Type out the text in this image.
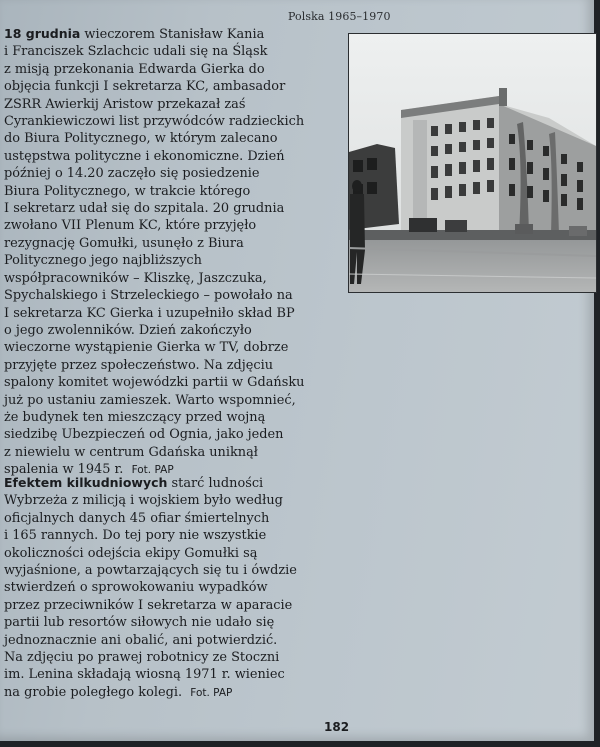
Polska 1965–1970
18 grudnia wieczorem Stanisław Kania
i Franciszek Szlachcic udali się na Śląsk
z misją przekonania Edwarda Gierka do
objęcia funkcji I sekretarza KC, ambasador
ZSRR Awierkij Aristow przekazał zaś
Cyrankiewiczowi list przywódców radzieckich
do Biura Politycznego, w którym zalecano
ustępstwa polityczne i ekonomiczne. Dzień
później o 14.20 zaczęło się posiedzenie
Biura Politycznego, w trakcie którego
I sekretarz udał się do szpitala. 20 grudnia
zwołano VII Plenum KC, które przyjęło
rezygnację Gomułki, usunęło z Biura
Politycznego jego najbliższych
współpracowników – Kliszkę, Jaszczuka,
Spychalskiego i Strzeleckiego – powołało na
I sekretarza KC Gierka i uzupełniło skład BP
o jego zwolenników. Dzień zakończyło
wieczorne wystąpienie Gierka w TV, dobrze
przyjęte przez społeczeństwo. Na zdjęciu
spalony komitet wojewódzki partii w Gdańsku
już po ustaniu zamieszek. Warto wspomnieć,
że budynek ten mieszczący przed wojną
siedzibę Ubezpieczeń od Ognia, jako jeden
z niewielu w centrum Gdańska uniknął
spalenia w 1945 r. Fot. PAP
Efektem kilkudniowych starć ludności
Wybrzeża z milicją i wojskiem było według
oficjalnych danych 45 ofiar śmiertelnych
i 165 rannych. Do tej pory nie wszystkie
okoliczności odejścia ekipy Gomułki są
wyjaśnione, a powtarzających się tu i ówdzie
stwierdzeń o sprowokowaniu wypadków
przez przeciwników I sekretarza w aparacie
partii lub resortów siłowych nie udało się
jednoznacznie ani obalić, ani potwierdzić.
Na zdjęciu po prawej robotnicy ze Stoczni
im. Lenina składają wiosną 1971 r. wieniec
na grobie poległego kolegi. Fot. PAP
182
